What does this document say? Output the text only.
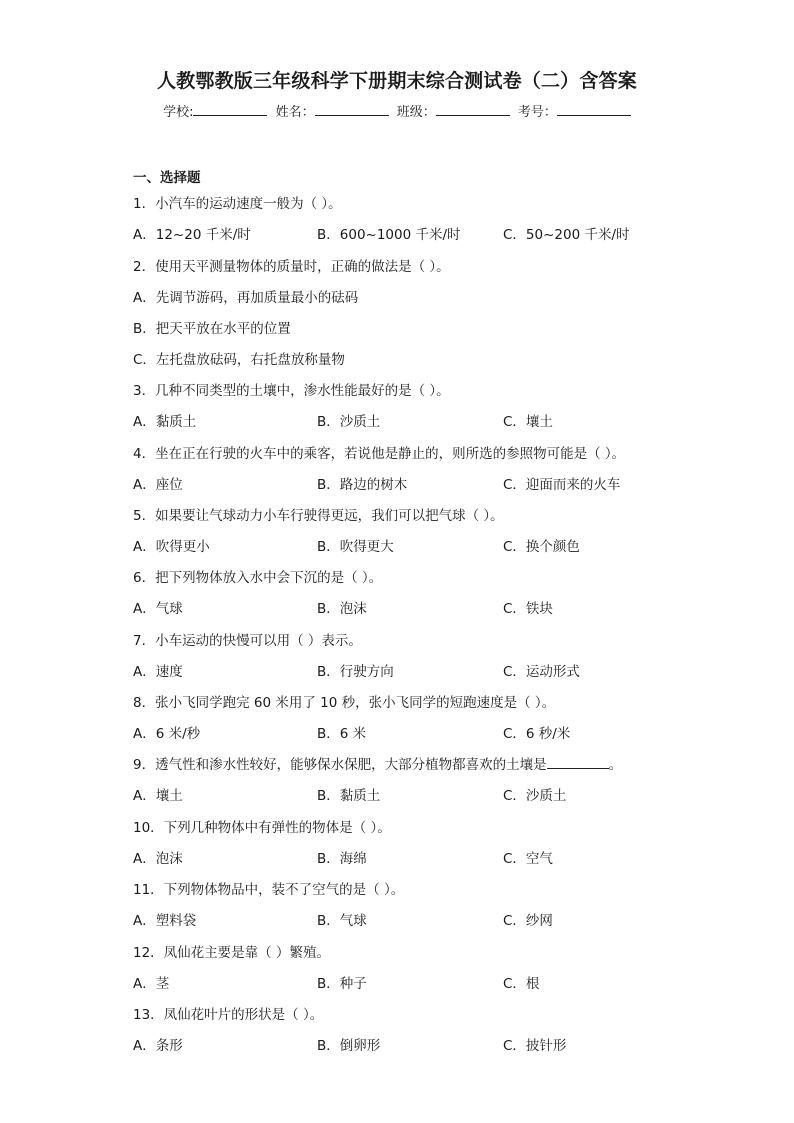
人教鄂教版三年级科学下册期末综合测试卷（二）含答案
学校:	姓名：	班级：	考号：
一、选择题
1．小汽车的运动速度一般为（ ）。
A．12~20 千米/时	B．600~1000 千米/时	C．50~200 千米/时
2．使用天平测量物体的质量时，正确的做法是（ ）。
A．先调节游码，再加质量最小的砝码
B．把天平放在水平的位置
C．左托盘放砝码，右托盘放称量物
3．几种不同类型的土壤中，渗水性能最好的是（ ）。
A．黏质土	B．沙质土	C．壤土
4．坐在正在行驶的火车中的乘客，若说他是静止的，则所选的参照物可能是（ ）。
A．座位	B．路边的树木	C．迎面而来的火车
5．如果要让气球动力小车行驶得更远，我们可以把气球（ ）。
A．吹得更小	B．吹得更大	C．换个颜色
6．把下列物体放入水中会下沉的是（ ）。
A．气球	B．泡沫	C．铁块
7．小车运动的快慢可以用（ ）表示。
A．速度	B．行驶方向	C．运动形式
8．张小飞同学跑完 60 米用了 10 秒，张小飞同学的短跑速度是（ ）。
A．6 米/秒	B．6 米	C．6 秒/米
9．透气性和渗水性较好，能够保水保肥，大部分植物都喜欢的土壤是	。
A．壤土	B．黏质土	C．沙质土
10．下列几种物体中有弹性的物体是（ ）。
A．泡沫	B．海绵	C．空气
11．下列物体物品中，装不了空气的是（ ）。
A．塑料袋	B．气球	C．纱网
12．凤仙花主要是靠（ ）繁殖。
A．茎	B．种子	C．根
13．凤仙花叶片的形状是（ ）。
A．条形	B．倒卵形	C．披针形
